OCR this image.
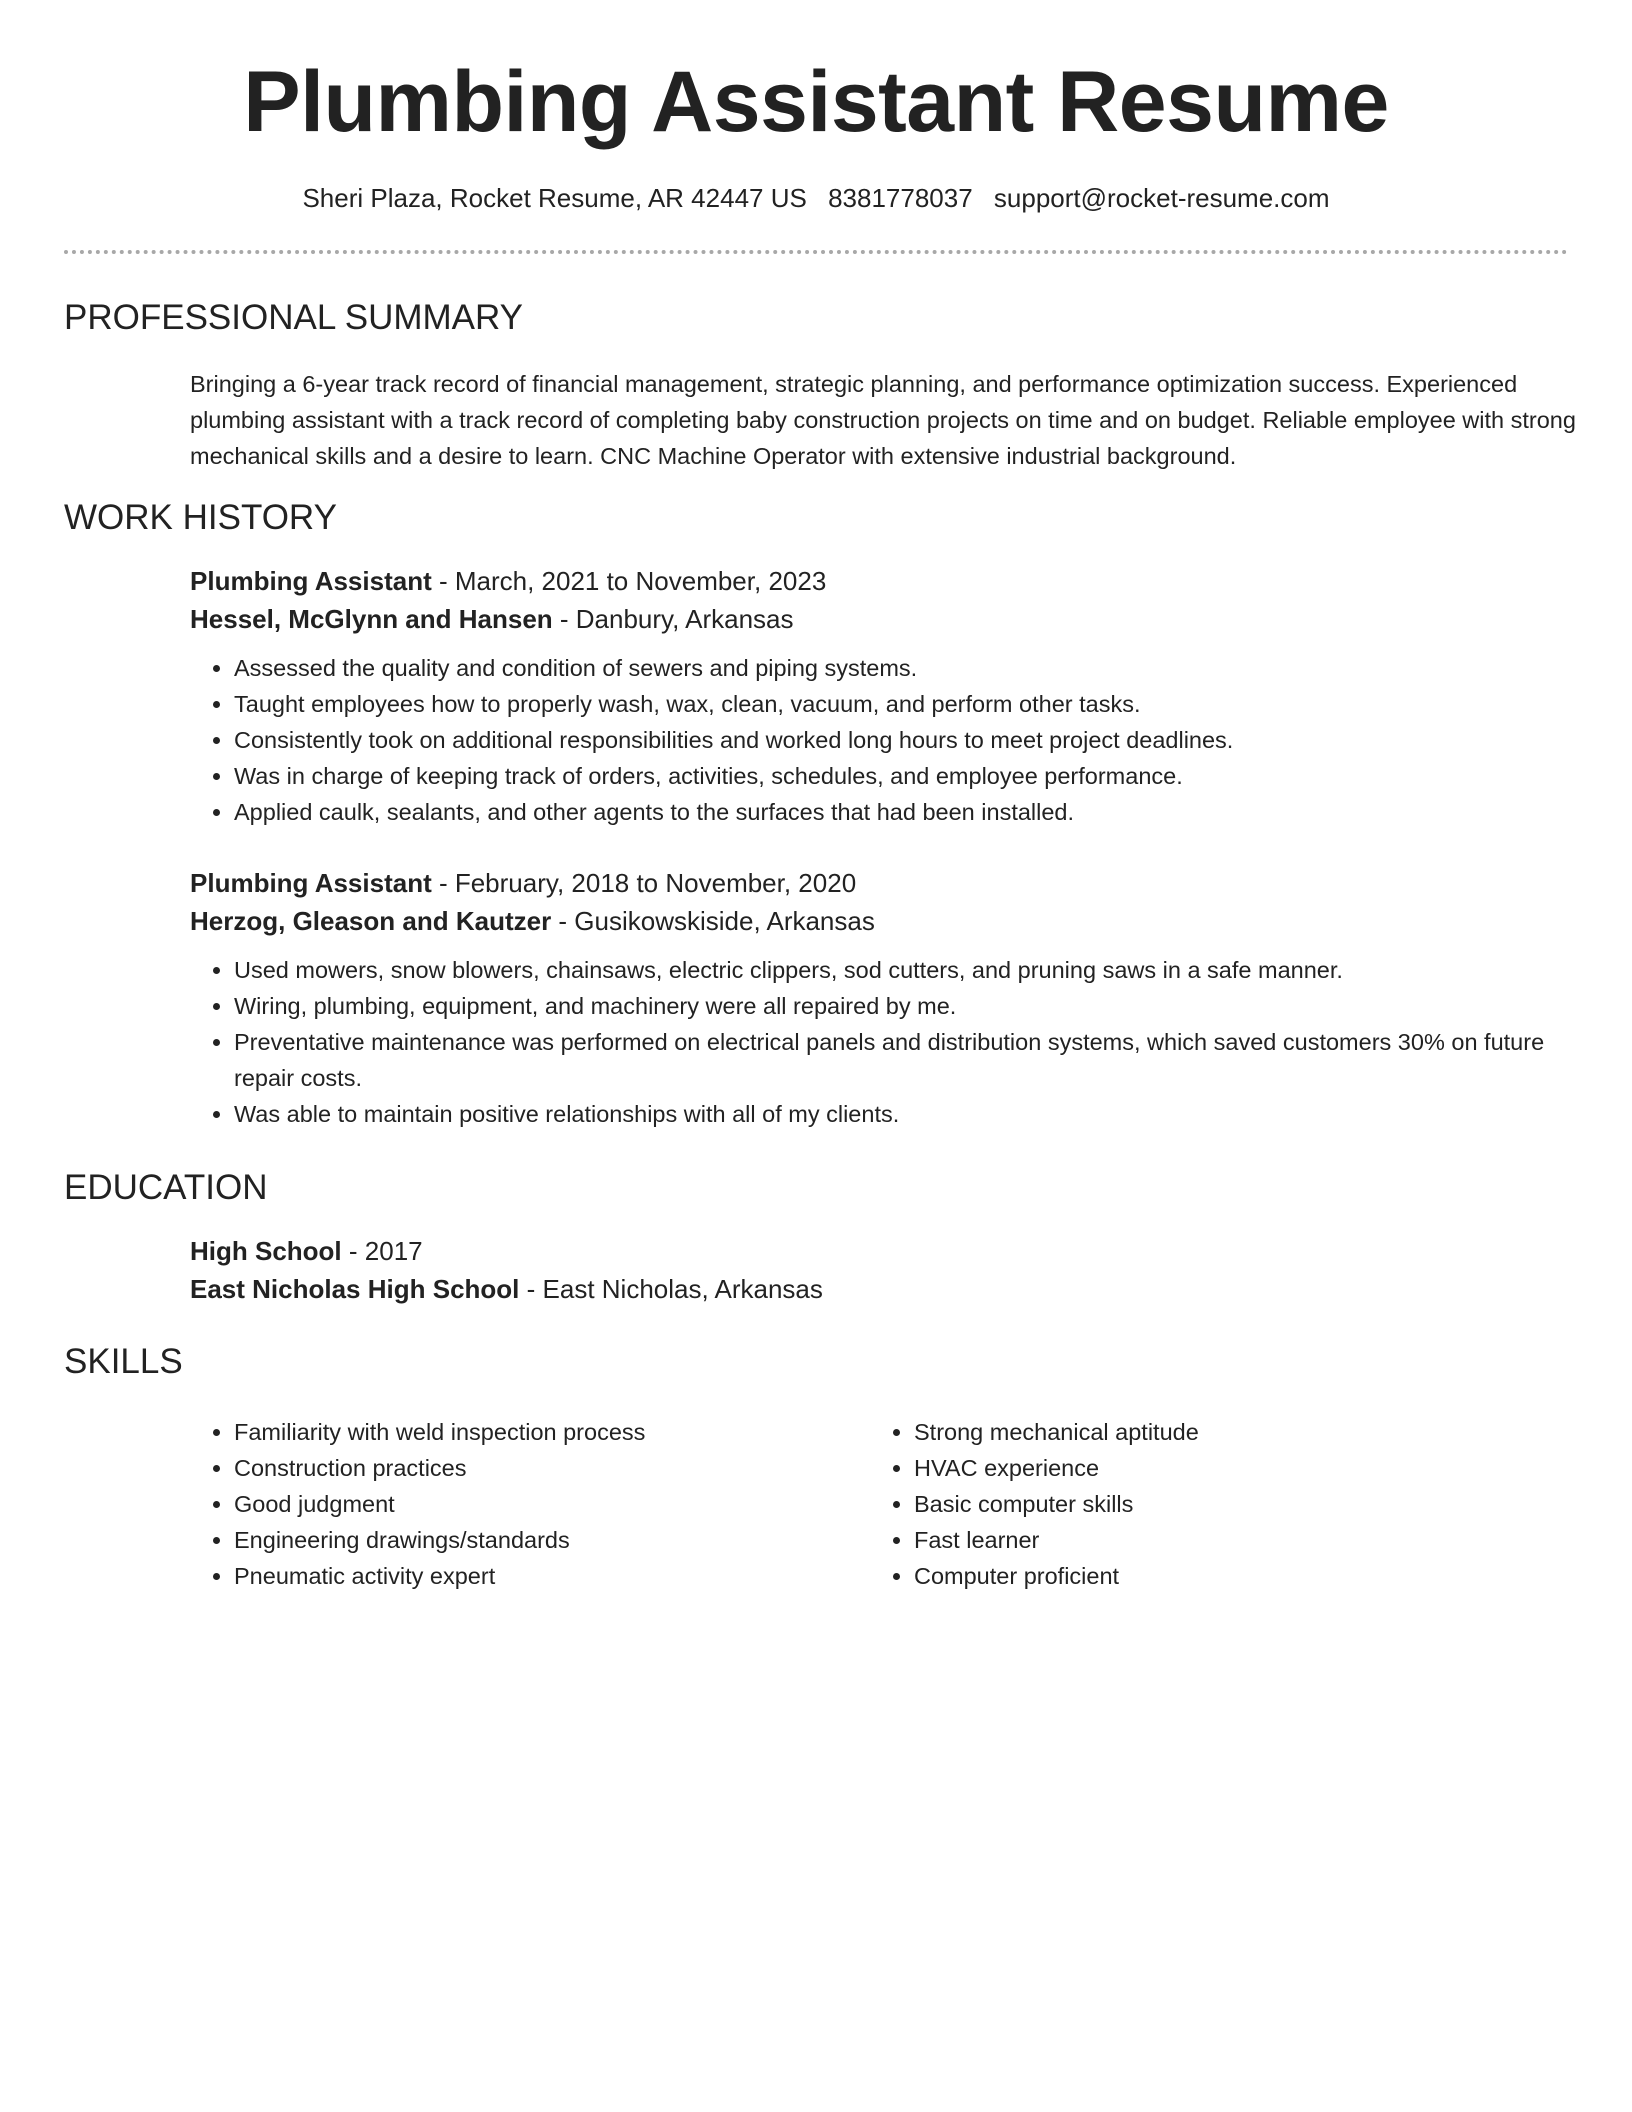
Plumbing Assistant Resume
Sheri Plaza, Rocket Resume, AR 42447 US 8381778037 support@rocket-resume.com
PROFESSIONAL SUMMARY

Bringing a 6-year track record of financial management, strategic planning, and performance optimization success. Experienced plumbing assistant with a track record of completing baby construction projects on time and on budget. Reliable employee with strong mechanical skills and a desire to learn. CNC Machine Operator with extensive industrial background.

WORK HISTORY

Plumbing Assistant - March, 2021 to November, 2023

Hessel, McGlynn and Hansen - Danbury, Arkansas

• Assessed the quality and condition of sewers and piping systems.
• Taught employees how to properly wash, wax, clean, vacuum, and perform other tasks.
• Consistently took on additional responsibilities and worked long hours to meet project deadlines.
• Was in charge of keeping track of orders, activities, schedules, and employee performance.
• Applied caulk, sealants, and other agents to the surfaces that had been installed.

Plumbing Assistant - February, 2018 to November, 2020

Herzog, Gleason and Kautzer - Gusikowskiside, Arkansas

• Used mowers, snow blowers, chainsaws, electric clippers, sod cutters, and pruning saws in a safe manner.
• Wiring, plumbing, equipment, and machinery were all repaired by me.
• Preventative maintenance was performed on electrical panels and distribution systems, which saved customers 30% on future repair costs.
• Was able to maintain positive relationships with all of my clients.
EDUCATION

High School - 2017

East Nicholas High School - East Nicholas, Arkansas

SKILLS
• Familiarity with weld inspection process
• Construction practices
• Good judgment
• Engineering drawings/standards
• Pneumatic activity expert
• Strong mechanical aptitude
• HVAC experience
• Basic computer skills
• Fast learner
• Computer proficient
